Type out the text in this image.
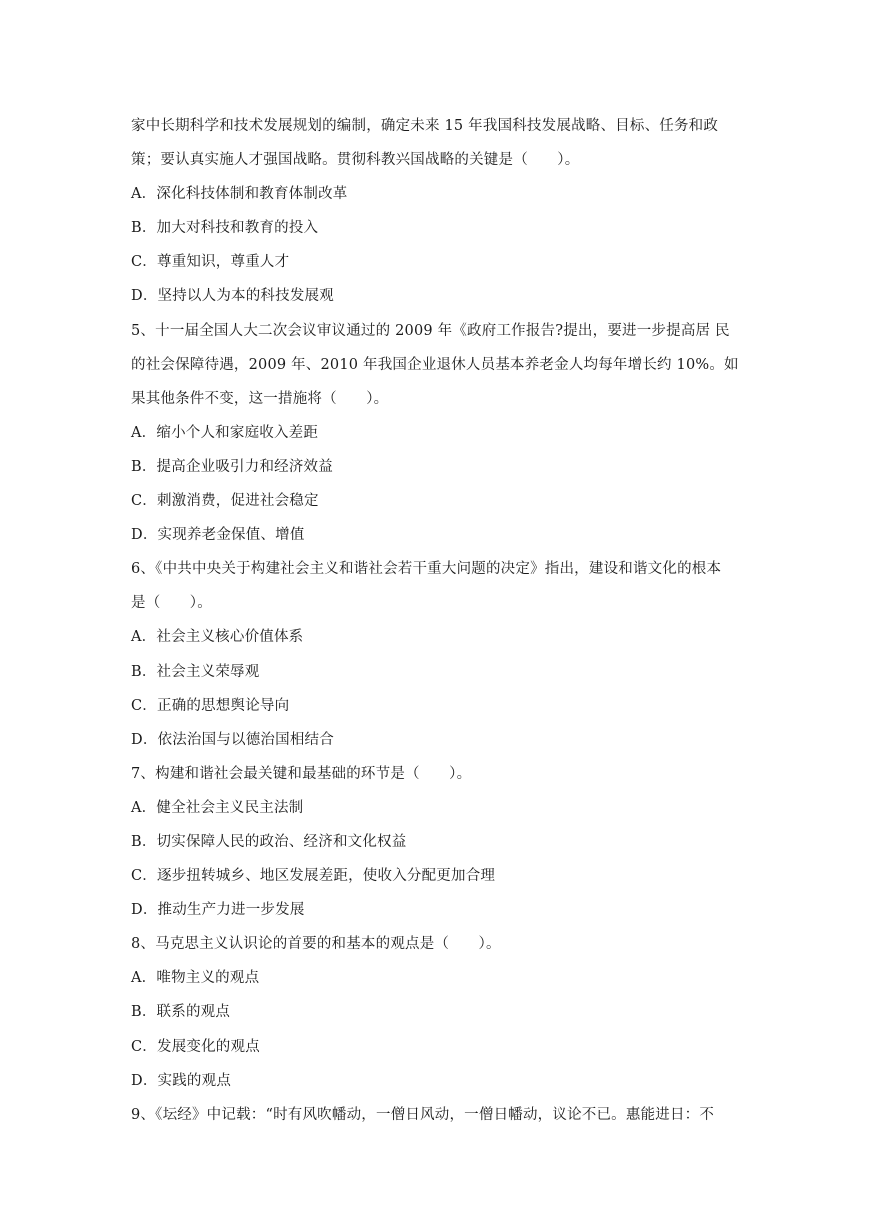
家中长期科学和技术发展规划的编制，确定未来 15 年我国科技发展战略、目标、任务和政
策；要认真实施人才强国战略。贯彻科教兴国战略的关键是（　　）。
A．深化科技体制和教育体制改革
B．加大对科技和教育的投入
C．尊重知识，尊重人才
D．坚持以人为本的科技发展观
5、十一届全国人大二次会议审议通过的 2009 年《政府工作报告?提出，要进一步提高居 民
的社会保障待遇，2009 年、2010 年我国企业退休人员基本养老金人均每年增长约 10%。如
果其他条件不变，这一措施将（　　）。
A．缩小个人和家庭收入差距
B．提高企业吸引力和经济效益
C．刺激消费，促进社会稳定
D．实现养老金保值、增值
6、《中共中央关于构建社会主义和谐社会若干重大问题的决定》指出，建设和谐文化的根本
是（　　）。
A．社会主义核心价值体系
B．社会主义荣辱观
C．正确的思想舆论导向
D．依法治国与以德治国相结合
7、构建和谐社会最关键和最基础的环节是（　　）。
A．健全社会主义民主法制
B．切实保障人民的政治、经济和文化权益
C．逐步扭转城乡、地区发展差距，使收入分配更加合理
D．推动生产力进一步发展
8、马克思主义认识论的首要的和基本的观点是（　　）。
A．唯物主义的观点
B．联系的观点
C．发展变化的观点
D．实践的观点
9、《坛经》中记载：“时有风吹幡动，一僧日风动，一僧日幡动，议论不已。惠能进日：不
